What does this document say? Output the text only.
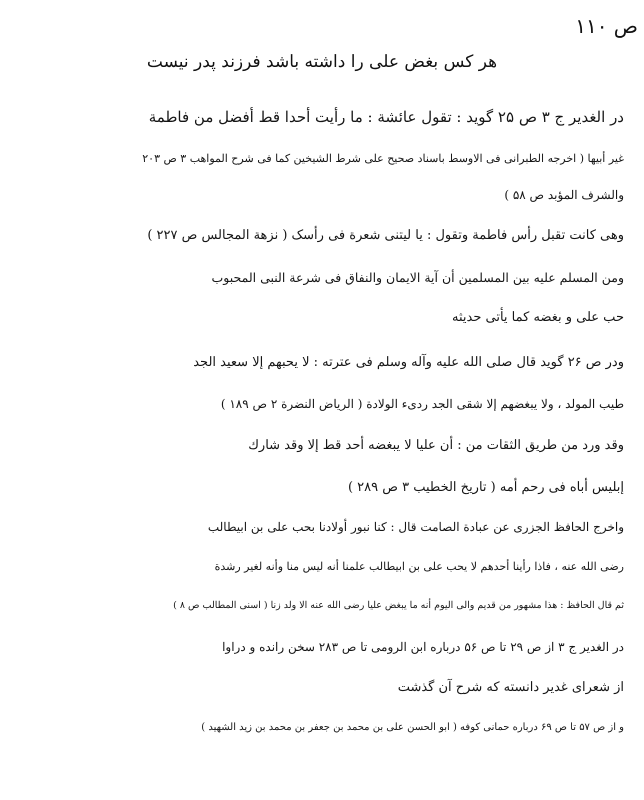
ص ۱۱۰
هر کس بغض علی را داشته باشد فرزند پدر نیست
در الغدیر ج ۳ ص ۲۵ گوید : تقول عائشة : ما رأیت أحدا قط أفضل من فاطمة
غیر أبیها ( اخرجه الطبرانی فی الاوسط باسناد صحیح علی شرط الشیخین کما فی شرح المواهب ۳ ص ۲۰۳
والشرف المؤبد ص ۵۸ )
وهی کانت تقبل رأس فاطمة وتقول : یا لیتنی شعرة فی رأسک ( نزهة المجالس ص ۲۲۷ )
ومن المسلم علیه بین المسلمین أن آیة الایمان والنفاق فی شرعة النبی المحبوب
حب علی و بغضه کما یأتی حدیثه
ودر ص ۲۶ گوید قال صلی الله علیه وآله وسلم فی عترته : لا یحبهم إلا سعید الجد
طیب المولد ، ولا یبغضهم إلا شقی الجد ردیء الولادة ( الریاض النضرة ۲ ص ۱۸۹ )
وقد ورد من طریق الثقات من : أن علیا لا یبغضه أحد قط إلا وقد شارك
إبلیس أباه فی رحم أمه ( تاریخ الخطیب ۳ ص ۲۸۹ )
واخرج الحافظ الجزری عن عبادة الصامت قال : کنا نبور أولادنا بحب علی بن ابیطالب
رضی الله عنه ، فاذا رأینا أحدهم لا یحب علی بن ابیطالب علمنا أنه لیس منا وأنه لغیر رشدة
ثم قال الحافظ : هذا مشهور من قدیم والی الیوم أنه ما یبغض علیا رضی الله عنه الا ولد زنا ( اسنی المطالب ص ۸ )
در الغدیر ج ۳ از ص ۲۹ تا ص ۵۶ درباره ابن الرومی تا ص ۲۸۳ سخن رانده و دراوا
از شعرای غدیر دانسته که شرح آن گذشت
و از ص ۵۷ تا ص ۶۹ درباره حمانی کوفه ( ابو الحسن علی بن محمد بن جعفر بن محمد بن زید الشهید )
